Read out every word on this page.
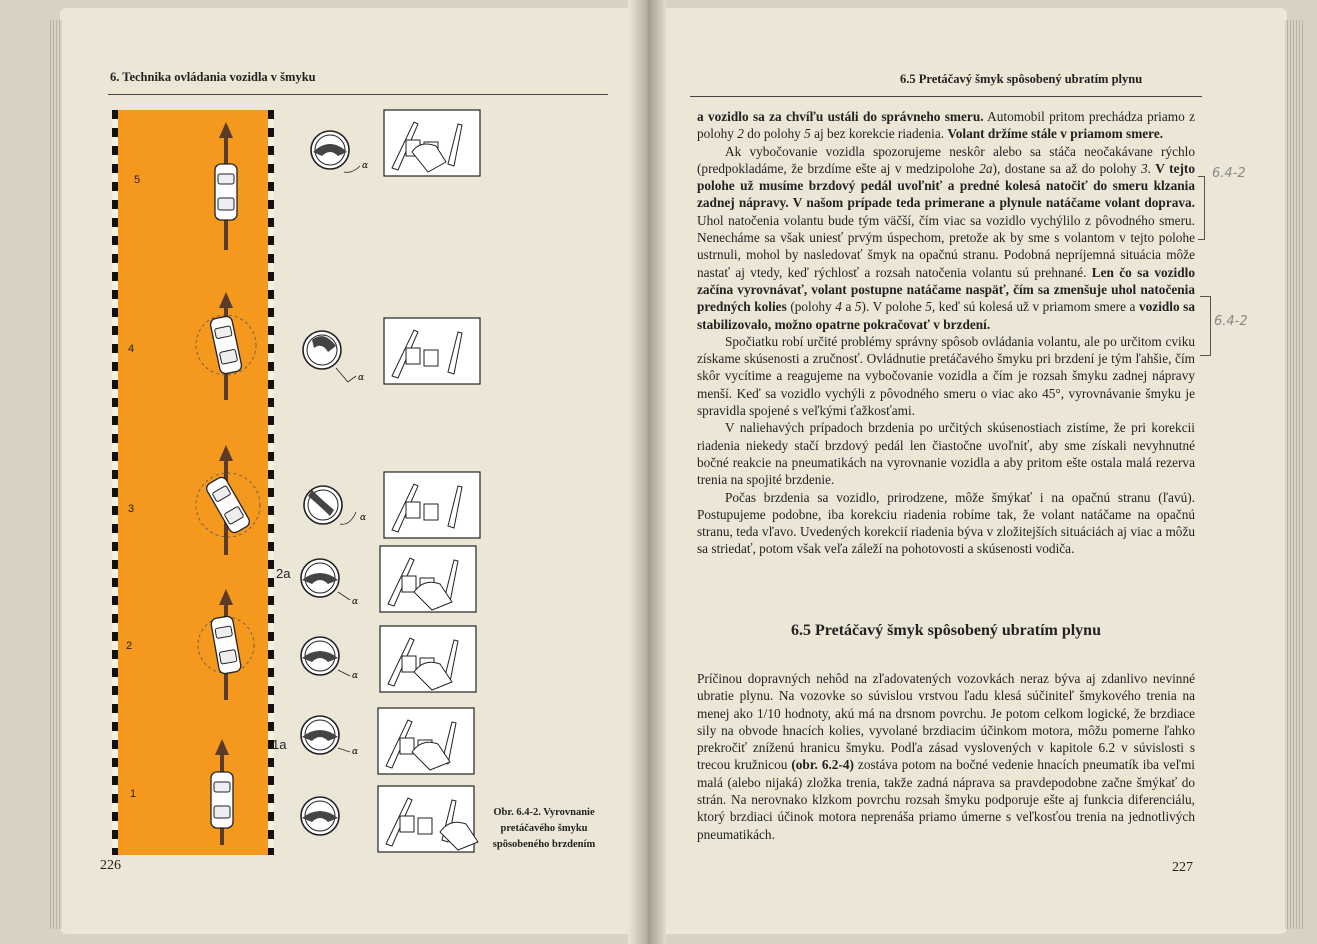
6. Technika ovládania vozidla v šmyku
5
4
3
2
1
α
α
α
α
α
α
2a
1a
Obr. 6.4-2. Vyrovnanie
pretáčavého šmyku
spôsobeného brzdením
226
6.5 Pretáčavý šmyk spôsobený ubratím plynu

a vozidlo sa za chvíľu ustáli do správneho smeru. Automobil pritom prechádza priamo z polohy 2 do polohy 5 aj bez korekcie riadenia. Volant držíme stále v priamom smere.

Ak vybočovanie vozidla spozorujeme neskôr alebo sa stáča neočakávane rýchlo (predpokladáme, že brzdíme ešte aj v medzipolohe 2a), dostane sa až do polohy 3. V tejto polohe už musíme brzdový pedál uvoľniť a predné kolesá natočiť do smeru klzania zadnej nápravy. V našom prípade teda primerane a plynule natáčame volant doprava. Uhol natočenia volantu bude tým väčší, čím viac sa vozidlo vychýlilo z pôvodného smeru. Nenecháme sa však uniesť prvým úspechom, pretože ak by sme s volantom v tejto polohe ustrnuli, mohol by nasledovať šmyk na opačnú stranu. Podobná nepríjemná situácia môže nastať aj vtedy, keď rýchlosť a rozsah natočenia volantu sú prehnané. Len čo sa vozidlo začína vyrovnávať, volant postupne natáčame naspäť, čím sa zmenšuje uhol natočenia predných kolies (polohy 4 a 5). V polohe 5, keď sú kolesá už v priamom smere a vozidlo sa stabilizovalo, možno opatrne pokračovať v brzdení.

Spočiatku robí určité problémy správny spôsob ovládania volantu, ale po určitom cviku získame skúsenosti a zručnosť. Ovládnutie pretáčavého šmyku pri brzdení je tým ľahšie, čím skôr vycítime a reagujeme na vybočovanie vozidla a čím je rozsah šmyku zadnej nápravy menší. Keď sa vozidlo vychýli z pôvodného smeru o viac ako 45°, vyrovnávanie šmyku je spravidla spojené s veľkými ťažkosťami.

V naliehavých prípadoch brzdenia po určitých skúsenostiach zistíme, že pri korekcii riadenia niekedy stačí brzdový pedál len čiastočne uvoľniť, aby sme získali nevyhnutné bočné reakcie na pneumatikách na vyrovnanie vozidla a aby pritom ešte ostala malá rezerva trenia na spojité brzdenie.

Počas brzdenia sa vozidlo, prirodzene, môže šmýkať i na opačnú stranu (ľavú). Postupujeme podobne, iba korekciu riadenia robíme tak, že volant natáčame na opačnú stranu, teda vľavo. Uvedených korekcií riadenia býva v zložitejších situáciách aj viac a môžu sa striedať, potom však veľa záleží na pohotovosti a skúsenosti vodiča.

6.4-2
6.4-2
6.5 Pretáčavý šmyk spôsobený ubratím plynu

Príčinou dopravných nehôd na zľadovatených vozovkách neraz býva aj zdanlivo nevinné ubratie plynu. Na vozovke so súvislou vrstvou ľadu klesá súčiniteľ šmykového trenia na menej ako 1/10 hodnoty, akú má na drsnom povrchu. Je potom celkom logické, že brzdiace sily na obvode hnacích kolies, vyvolané brzdiacim účinkom motora, môžu pomerne ľahko prekročiť zníženú hranicu šmyku. Podľa zásad vyslovených v kapitole 6.2 v súvislosti s trecou kružnicou (obr. 6.2-4) zostáva potom na bočné vedenie hnacích pneumatík iba veľmi malá (alebo nijaká) zložka trenia, takže zadná náprava sa pravdepodobne začne šmýkať do strán. Na nerovnako klzkom povrchu rozsah šmyku podporuje ešte aj funkcia diferenciálu, ktorý brzdiaci účinok motora neprenáša priamo úmerne s veľkosťou trenia na jednotlivých pneumatikách.

227
